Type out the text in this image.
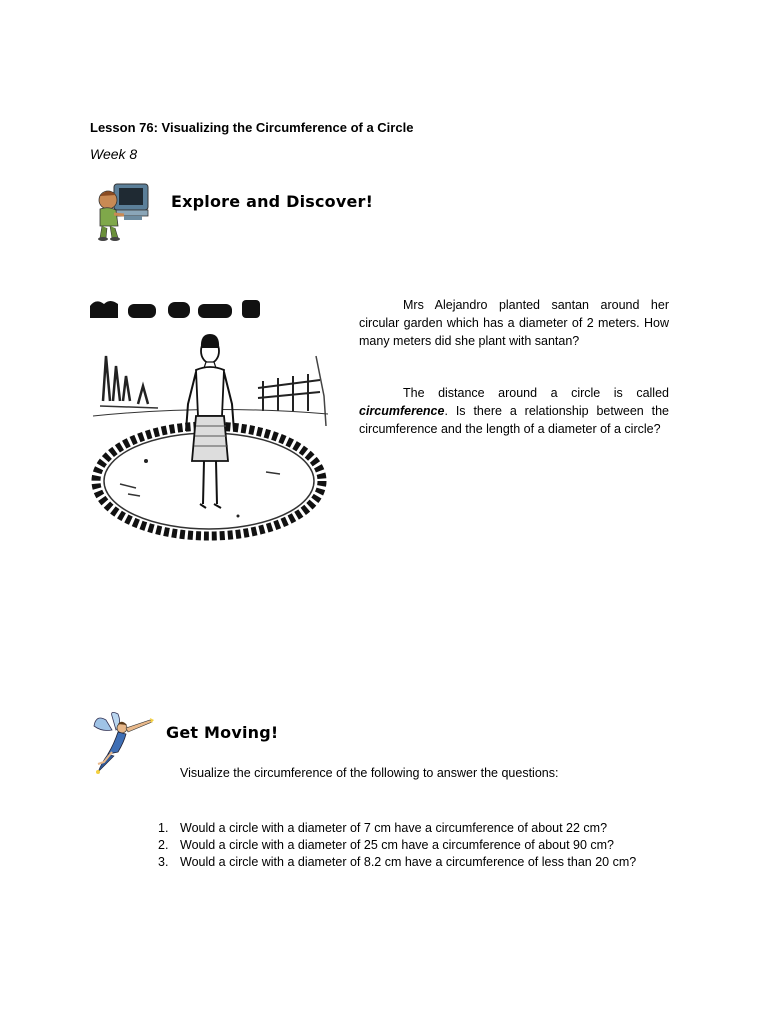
Lesson 76: Visualizing the Circumference of a Circle
Week 8
Explore and Discover!

Mrs Alejandro planted santan around her circular garden which has a diameter of 2 meters. How many meters did she plant with santan?

The distance around a circle is called circumference. Is there a relationship between the circumference and the length of a diameter of a circle?

Get Moving!
Visualize the circumference of the following to answer the questions:
1. Would a circle with a diameter of 7 cm have a circumference of about 22 cm?
2. Would a circle with a diameter of 25 cm have a circumference of about 90 cm?
3. Would a circle with a diameter of 8.2 cm have a circumference of less than 20 cm?
